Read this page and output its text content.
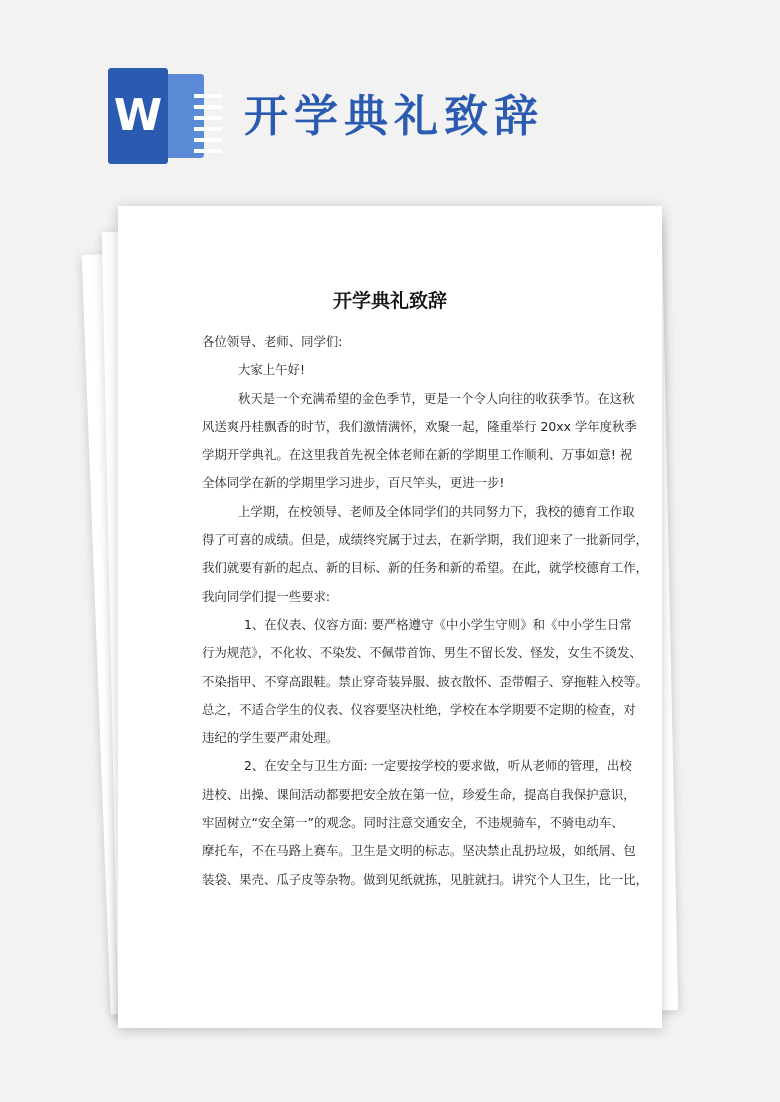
W 开学典礼致辞
开学典礼致辞
各位领导、老师、同学们:
大家上午好!
秋天是一个充满希望的金色季节，更是一个令人向往的收获季节。在这秋
风送爽丹桂飘香的时节，我们激情满怀，欢聚一起，隆重举行 20xx 学年度秋季
学期开学典礼。在这里我首先祝全体老师在新的学期里工作顺利、万事如意! 祝
全体同学在新的学期里学习进步，百尺竿头，更进一步!
上学期，在校领导、老师及全体同学们的共同努力下，我校的德育工作取
得了可喜的成绩。但是，成绩终究属于过去，在新学期，我们迎来了一批新同学，
我们就要有新的起点、新的目标、新的任务和新的希望。在此，就学校德育工作，
我向同学们提一些要求:
1、在仪表、仪容方面: 要严格遵守《中小学生守则》和《中小学生日常
行为规范》，不化妆、不染发、不佩带首饰、男生不留长发、怪发，女生不烫发、
不染指甲、不穿高跟鞋。禁止穿奇装异服、披衣散怀、歪带帽子、穿拖鞋入校等。
总之，不适合学生的仪表、仪容要坚决杜绝，学校在本学期要不定期的检查，对
违纪的学生要严肃处理。
2、在安全与卫生方面: 一定要按学校的要求做，听从老师的管理，出校
进校、出操、课间活动都要把安全放在第一位，珍爱生命，提高自我保护意识，
牢固树立“安全第一”的观念。同时注意交通安全，不违规骑车，不骑电动车、
摩托车，不在马路上赛车。卫生是文明的标志。坚决禁止乱扔垃圾，如纸屑、包
装袋、果壳、瓜子皮等杂物。做到见纸就拣，见脏就扫。讲究个人卫生，比一比，
